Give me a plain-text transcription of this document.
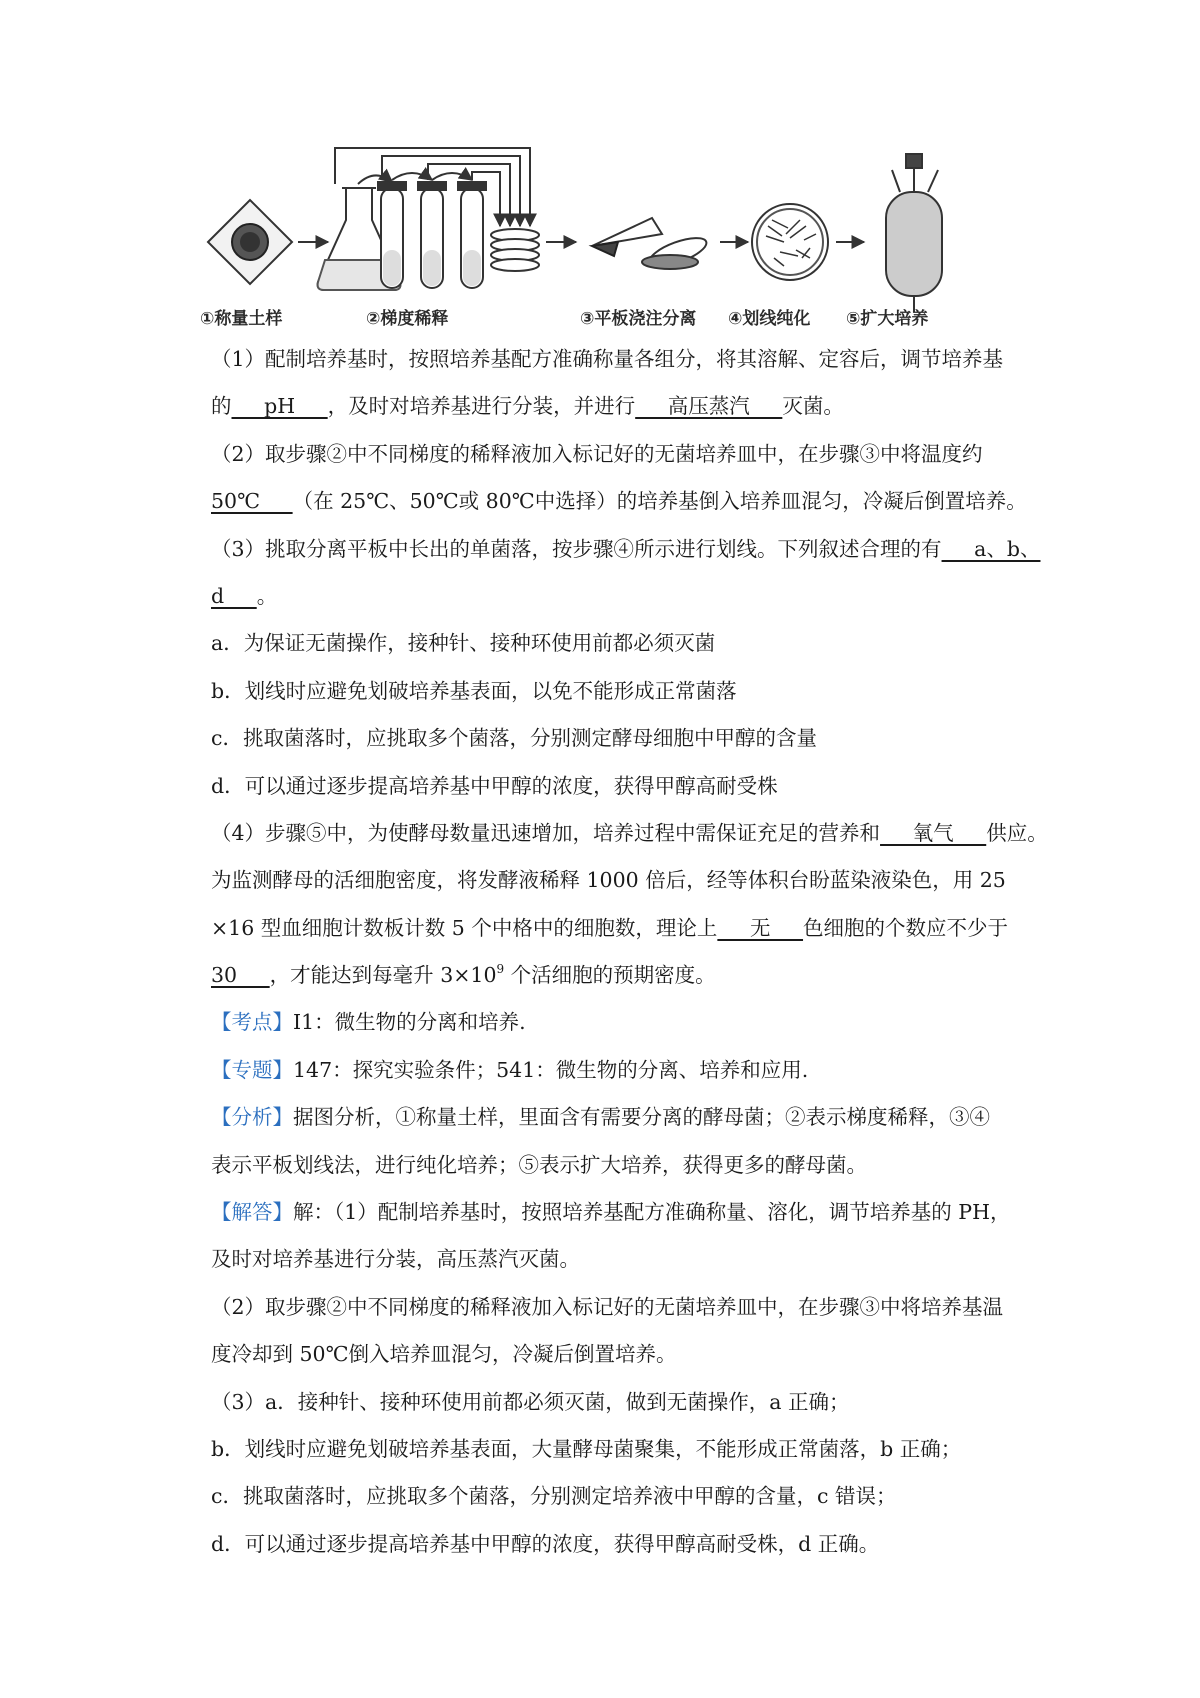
①称量土样	②梯度稀释	③平板浇注分离 ④划线纯化 ⑤扩大培养
（1）配制培养基时，按照培养基配方准确称量各组分，将其溶解、定容后，调节培养基
的     pH     ，及时对培养基进行分装，并进行     高压蒸汽     灭菌。
（2）取步骤②中不同梯度的稀释液加入标记好的无菌培养皿中，在步骤③中将温度约
50℃     （在 25℃、50℃或 80℃中选择）的培养基倒入培养皿混匀，冷凝后倒置培养。
（3）挑取分离平板中长出的单菌落，按步骤④所示进行划线。下列叙述合理的有     a、b、
d     。
a．为保证无菌操作，接种针、接种环使用前都必须灭菌
b．划线时应避免划破培养基表面，以免不能形成正常菌落
c．挑取菌落时，应挑取多个菌落，分别测定酵母细胞中甲醇的含量
d．可以通过逐步提高培养基中甲醇的浓度，获得甲醇高耐受株
（4）步骤⑤中，为使酵母数量迅速增加，培养过程中需保证充足的营养和     氧气     供应。
为监测酵母的活细胞密度，将发酵液稀释 1000 倍后，经等体积台盼蓝染液染色，用 25
×16 型血细胞计数板计数 5 个中格中的细胞数，理论上     无     色细胞的个数应不少于
30     ，才能达到每毫升 $3\times 10^9$ 个活细胞的预期密度。
【考点】I1：微生物的分离和培养.
【专题】147：探究实验条件；541：微生物的分离、培养和应用.
【分析】据图分析，①称量土样，里面含有需要分离的酵母菌；②表示梯度稀释，③④
表示平板划线法，进行纯化培养；⑤表示扩大培养，获得更多的酵母菌。
【解答】解：（1）配制培养基时，按照培养基配方准确称量、溶化，调节培养基的 PH，
及时对培养基进行分装，高压蒸汽灭菌。
（2）取步骤②中不同梯度的稀释液加入标记好的无菌培养皿中，在步骤③中将培养基温
度冷却到 50℃倒入培养皿混匀，冷凝后倒置培养。
（3）a．接种针、接种环使用前都必须灭菌，做到无菌操作，a 正确；
b．划线时应避免划破培养基表面，大量酵母菌聚集，不能形成正常菌落，b 正确；
c．挑取菌落时，应挑取多个菌落，分别测定培养液中甲醇的含量，c 错误；
d．可以通过逐步提高培养基中甲醇的浓度，获得甲醇高耐受株，d 正确。
